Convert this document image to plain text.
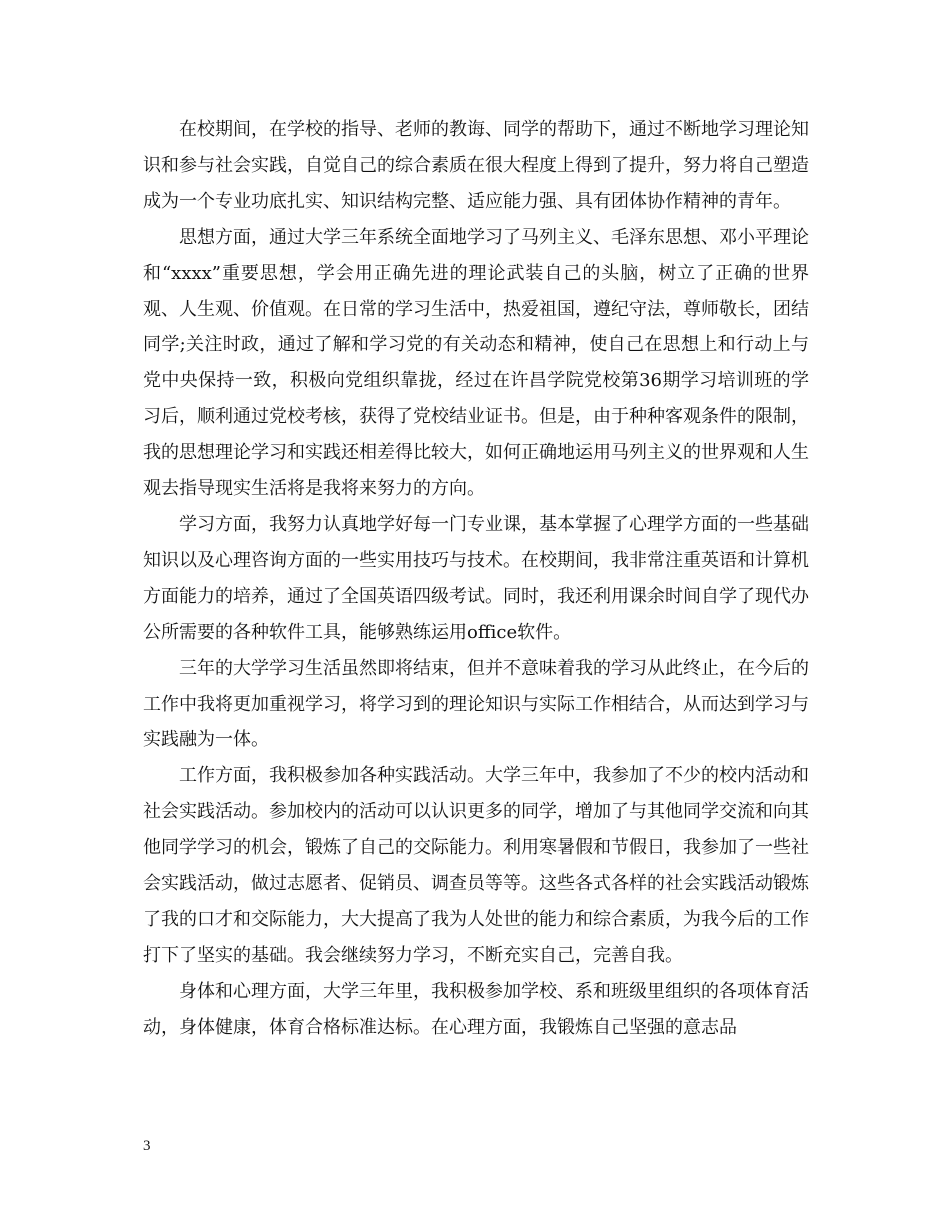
在校期间，在学校的指导、老师的教诲、同学的帮助下，通过不断地学习理论知识和参与社会实践，自觉自己的综合素质在很大程度上得到了提升，努力将自己塑造成为一个专业功底扎实、知识结构完整、适应能力强、具有团体协作精神的青年。

思想方面，通过大学三年系统全面地学习了马列主义、毛泽东思想、邓小平理论和“xxxx”重要思想，学会用正确先进的理论武装自己的头脑，树立了正确的世界观、人生观、价值观。在日常的学习生活中，热爱祖国，遵纪守法，尊师敬长，团结同学;关注时政，通过了解和学习党的有关动态和精神，使自己在思想上和行动上与党中央保持一致，积极向党组织靠拢，经过在许昌学院党校第36期学习培训班的学习后，顺利通过党校考核，获得了党校结业证书。但是，由于种种客观条件的限制，我的思想理论学习和实践还相差得比较大，如何正确地运用马列主义的世界观和人生观去指导现实生活将是我将来努力的方向。

学习方面，我努力认真地学好每一门专业课，基本掌握了心理学方面的一些基础知识以及心理咨询方面的一些实用技巧与技术。在校期间，我非常注重英语和计算机方面能力的培养，通过了全国英语四级考试。同时，我还利用课余时间自学了现代办公所需要的各种软件工具，能够熟练运用office软件。

三年的大学学习生活虽然即将结束，但并不意味着我的学习从此终止，在今后的工作中我将更加重视学习，将学习到的理论知识与实际工作相结合，从而达到学习与实践融为一体。

工作方面，我积极参加各种实践活动。大学三年中，我参加了不少的校内活动和社会实践活动。参加校内的活动可以认识更多的同学，增加了与其他同学交流和向其他同学学习的机会，锻炼了自己的交际能力。利用寒暑假和节假日，我参加了一些社会实践活动，做过志愿者、促销员、调查员等等。这些各式各样的社会实践活动锻炼了我的口才和交际能力，大大提高了我为人处世的能力和综合素质，为我今后的工作打下了坚实的基础。我会继续努力学习，不断充实自己，完善自我。

身体和心理方面，大学三年里，我积极参加学校、系和班级里组织的各项体育活动，身体健康，体育合格标准达标。在心理方面，我锻炼自己坚强的意志品

3
